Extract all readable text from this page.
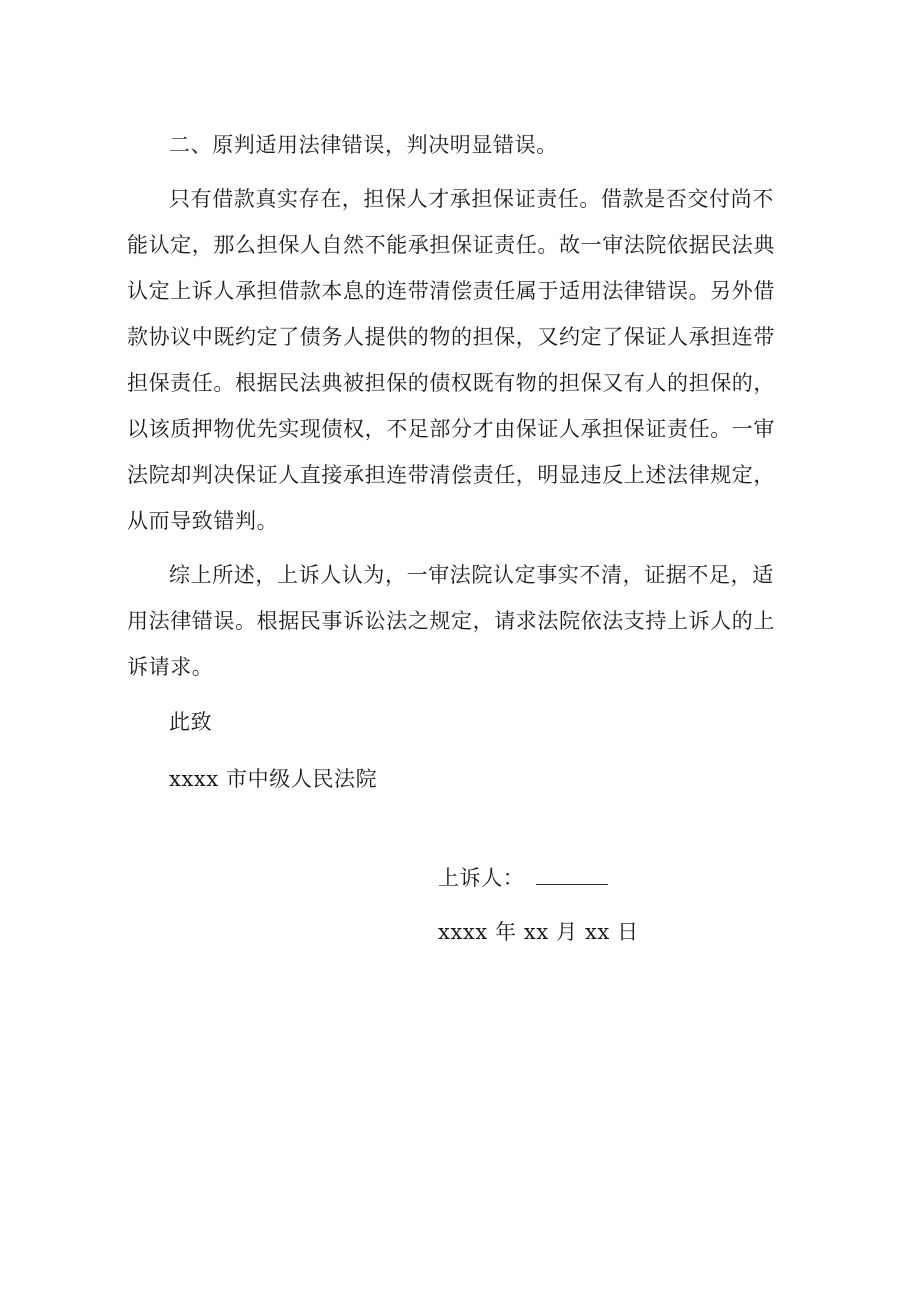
二、原判适用法律错误，判决明显错误。

只有借款真实存在，担保人才承担保证责任。借款是否交付尚不
能认定，那么担保人自然不能承担保证责任。故一审法院依据民法典
认定上诉人承担借款本息的连带清偿责任属于适用法律错误。另外借
款协议中既约定了债务人提供的物的担保，又约定了保证人承担连带
担保责任。根据民法典被担保的债权既有物的担保又有人的担保的，
以该质押物优先实现债权，不足部分才由保证人承担保证责任。一审
法院却判决保证人直接承担连带清偿责任，明显违反上述法律规定，
从而导致错判。

综上所述，上诉人认为，一审法院认定事实不清，证据不足，适
用法律错误。根据民事诉讼法之规定，请求法院依法支持上诉人的上
诉请求。

此致
xxxx 市中级人民法院
上诉人：
xxxx 年 xx 月 xx 日
